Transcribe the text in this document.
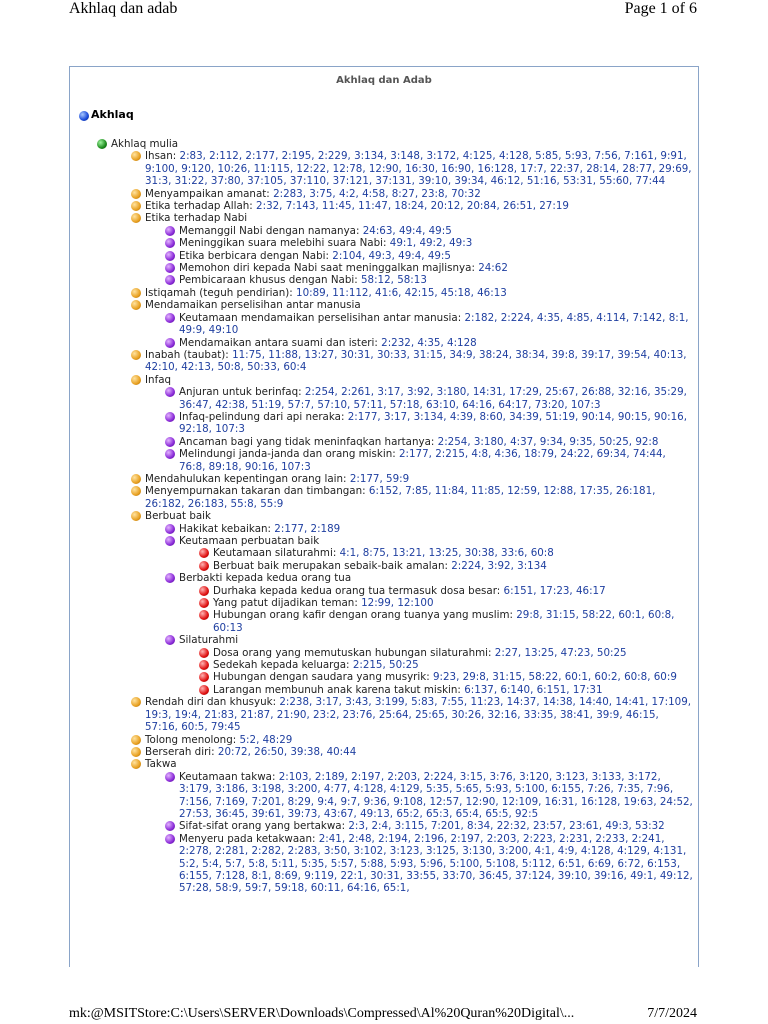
Akhlaq dan adab	Page 1 of 6
Akhlaq dan Adab
Akhlaq
Akhlaq mulia
Ihsan: 2:83, 2:112, 2:177, 2:195, 2:229, 3:134, 3:148, 3:172, 4:125, 4:128, 5:85, 5:93, 7:56, 7:161, 9:91, 9:100, 9:120, 10:26, 11:115, 12:22, 12:78, 12:90, 16:30, 16:90, 16:128, 17:7, 22:37, 28:14, 28:77, 29:69, 31:3, 31:22, 37:80, 37:105, 37:110, 37:121, 37:131, 39:10, 39:34, 46:12, 51:16, 53:31, 55:60, 77:44
Menyampaikan amanat: 2:283, 3:75, 4:2, 4:58, 8:27, 23:8, 70:32
Etika terhadap Allah: 2:32, 7:143, 11:45, 11:47, 18:24, 20:12, 20:84, 26:51, 27:19
Etika terhadap Nabi
Memanggil Nabi dengan namanya: 24:63, 49:4, 49:5
Meninggikan suara melebihi suara Nabi: 49:1, 49:2, 49:3
Etika berbicara dengan Nabi: 2:104, 49:3, 49:4, 49:5
Memohon diri kepada Nabi saat meninggalkan majlisnya: 24:62
Pembicaraan khusus dengan Nabi: 58:12, 58:13
Istiqamah (teguh pendirian): 10:89, 11:112, 41:6, 42:15, 45:18, 46:13
Mendamaikan perselisihan antar manusia
Keutamaan mendamaikan perselisihan antar manusia: 2:182, 2:224, 4:35, 4:85, 4:114, 7:142, 8:1, 49:9, 49:10
Mendamaikan antara suami dan isteri: 2:232, 4:35, 4:128
Inabah (taubat): 11:75, 11:88, 13:27, 30:31, 30:33, 31:15, 34:9, 38:24, 38:34, 39:8, 39:17, 39:54, 40:13, 42:10, 42:13, 50:8, 50:33, 60:4
Infaq
Anjuran untuk berinfaq: 2:254, 2:261, 3:17, 3:92, 3:180, 14:31, 17:29, 25:67, 26:88, 32:16, 35:29, 36:47, 42:38, 51:19, 57:7, 57:10, 57:11, 57:18, 63:10, 64:16, 64:17, 73:20, 107:3
Infaq-pelindung dari api neraka: 2:177, 3:17, 3:134, 4:39, 8:60, 34:39, 51:19, 90:14, 90:15, 90:16, 92:18, 107:3
Ancaman bagi yang tidak meninfaqkan hartanya: 2:254, 3:180, 4:37, 9:34, 9:35, 50:25, 92:8
Melindungi janda-janda dan orang miskin: 2:177, 2:215, 4:8, 4:36, 18:79, 24:22, 69:34, 74:44, 76:8, 89:18, 90:16, 107:3
Mendahulukan kepentingan orang lain: 2:177, 59:9
Menyempurnakan takaran dan timbangan: 6:152, 7:85, 11:84, 11:85, 12:59, 12:88, 17:35, 26:181, 26:182, 26:183, 55:8, 55:9
Berbuat baik
Hakikat kebaikan: 2:177, 2:189
Keutamaan perbuatan baik
Keutamaan silaturahmi: 4:1, 8:75, 13:21, 13:25, 30:38, 33:6, 60:8
Berbuat baik merupakan sebaik-baik amalan: 2:224, 3:92, 3:134
Berbakti kepada kedua orang tua
Durhaka kepada kedua orang tua termasuk dosa besar: 6:151, 17:23, 46:17
Yang patut dijadikan teman: 12:99, 12:100
Hubungan orang kafir dengan orang tuanya yang muslim: 29:8, 31:15, 58:22, 60:1, 60:8, 60:13
Silaturahmi
Dosa orang yang memutuskan hubungan silaturahmi: 2:27, 13:25, 47:23, 50:25
Sedekah kepada keluarga: 2:215, 50:25
Hubungan dengan saudara yang musyrik: 9:23, 29:8, 31:15, 58:22, 60:1, 60:2, 60:8, 60:9
Larangan membunuh anak karena takut miskin: 6:137, 6:140, 6:151, 17:31
Rendah diri dan khusyuk: 2:238, 3:17, 3:43, 3:199, 5:83, 7:55, 11:23, 14:37, 14:38, 14:40, 14:41, 17:109, 19:3, 19:4, 21:83, 21:87, 21:90, 23:2, 23:76, 25:64, 25:65, 30:26, 32:16, 33:35, 38:41, 39:9, 46:15, 57:16, 60:5, 79:45
Tolong menolong: 5:2, 48:29
Berserah diri: 20:72, 26:50, 39:38, 40:44
Takwa
Keutamaan takwa: 2:103, 2:189, 2:197, 2:203, 2:224, 3:15, 3:76, 3:120, 3:123, 3:133, 3:172, 3:179, 3:186, 3:198, 3:200, 4:77, 4:128, 4:129, 5:35, 5:65, 5:93, 5:100, 6:155, 7:26, 7:35, 7:96, 7:156, 7:169, 7:201, 8:29, 9:4, 9:7, 9:36, 9:108, 12:57, 12:90, 12:109, 16:31, 16:128, 19:63, 24:52, 27:53, 36:45, 39:61, 39:73, 43:67, 49:13, 65:2, 65:3, 65:4, 65:5, 92:5
Sifat-sifat orang yang bertakwa: 2:3, 2:4, 3:115, 7:201, 8:34, 22:32, 23:57, 23:61, 49:3, 53:32
Menyeru pada ketakwaan: 2:41, 2:48, 2:194, 2:196, 2:197, 2:203, 2:223, 2:231, 2:233, 2:241, 2:278, 2:281, 2:282, 2:283, 3:50, 3:102, 3:123, 3:125, 3:130, 3:200, 4:1, 4:9, 4:128, 4:129, 4:131, 5:2, 5:4, 5:7, 5:8, 5:11, 5:35, 5:57, 5:88, 5:93, 5:96, 5:100, 5:108, 5:112, 6:51, 6:69, 6:72, 6:153, 6:155, 7:128, 8:1, 8:69, 9:119, 22:1, 30:31, 33:55, 33:70, 36:45, 37:124, 39:10, 39:16, 49:1, 49:12, 57:28, 58:9, 59:7, 59:18, 60:11, 64:16, 65:1,
mk:@MSITStore:C:\Users\SERVER\Downloads\Compressed\Al%20Quran%20Digital\...	7/7/2024
